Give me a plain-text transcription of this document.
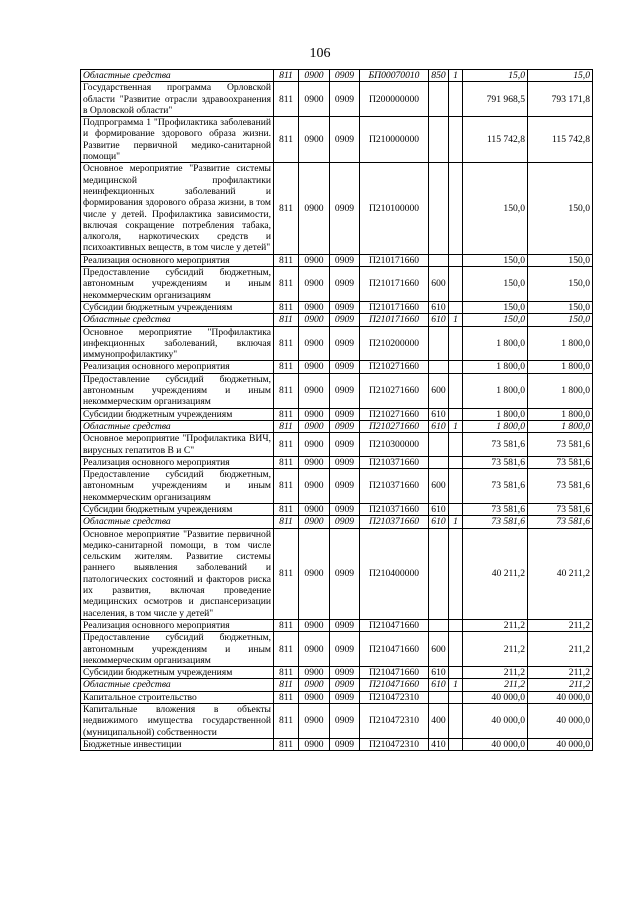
106
Областные средства	811	0900	0909	БП00070010	850	1	15,0	15,0
Государственная программа Орловской области "Развитие отрасли здравоохранения в Орловской области"	811	0900	0909	П200000000			791 968,5	793 171,8
Подпрограмма 1 "Профилактика заболеваний и формирование здорового образа жизни. Развитие первичной медико-санитарной помощи"	811	0900	0909	П210000000			115 742,8	115 742,8
Основное мероприятие "Развитие системы медицинской профилактики неинфекционных заболеваний и формирования здорового образа жизни, в том числе у детей. Профилактика зависимости, включая сокращение потребления табака, алкоголя, наркотических средств и психоактивных веществ, в том числе у детей"	811	0900	0909	П210100000			150,0	150,0
Реализация основного мероприятия	811	0900	0909	П210171660			150,0	150,0
Предоставление субсидий бюджетным, автономным учреждениям и иным некоммерческим организациям	811	0900	0909	П210171660	600		150,0	150,0
Субсидии бюджетным учреждениям	811	0900	0909	П210171660	610		150,0	150,0
Областные средства	811	0900	0909	П210171660	610	1	150,0	150,0
Основное мероприятие "Профилактика инфекционных заболеваний, включая иммунопрофилактику"	811	0900	0909	П210200000			1 800,0	1 800,0
Реализация основного мероприятия	811	0900	0909	П210271660			1 800,0	1 800,0
Предоставление субсидий бюджетным, автономным учреждениям и иным некоммерческим организациям	811	0900	0909	П210271660	600		1 800,0	1 800,0
Субсидии бюджетным учреждениям	811	0900	0909	П210271660	610		1 800,0	1 800,0
Областные средства	811	0900	0909	П210271660	610	1	1 800,0	1 800,0
Основное мероприятие "Профилактика ВИЧ, вирусных гепатитов В и С"	811	0900	0909	П210300000			73 581,6	73 581,6
Реализация основного мероприятия	811	0900	0909	П210371660			73 581,6	73 581,6
Предоставление субсидий бюджетным, автономным учреждениям и иным некоммерческим организациям	811	0900	0909	П210371660	600		73 581,6	73 581,6
Субсидии бюджетным учреждениям	811	0900	0909	П210371660	610		73 581,6	73 581,6
Областные средства	811	0900	0909	П210371660	610	1	73 581,6	73 581,6
Основное мероприятие "Развитие первичной медико-санитарной помощи, в том числе сельским жителям. Развитие системы раннего выявления заболеваний и патологических состояний и факторов риска их развития, включая проведение медицинских осмотров и диспансеризации населения, в том числе у детей"	811	0900	0909	П210400000			40 211,2	40 211,2
Реализация основного мероприятия	811	0900	0909	П210471660			211,2	211,2
Предоставление субсидий бюджетным, автономным учреждениям и иным некоммерческим организациям	811	0900	0909	П210471660	600		211,2	211,2
Субсидии бюджетным учреждениям	811	0900	0909	П210471660	610		211,2	211,2
Областные средства	811	0900	0909	П210471660	610	1	211,2	211,2
Капитальное строительство	811	0900	0909	П210472310			40 000,0	40 000,0
Капитальные вложения в объекты недвижимого имущества государственной (муниципальной) собственности	811	0900	0909	П210472310	400		40 000,0	40 000,0
Бюджетные инвестиции	811	0900	0909	П210472310	410		40 000,0	40 000,0
